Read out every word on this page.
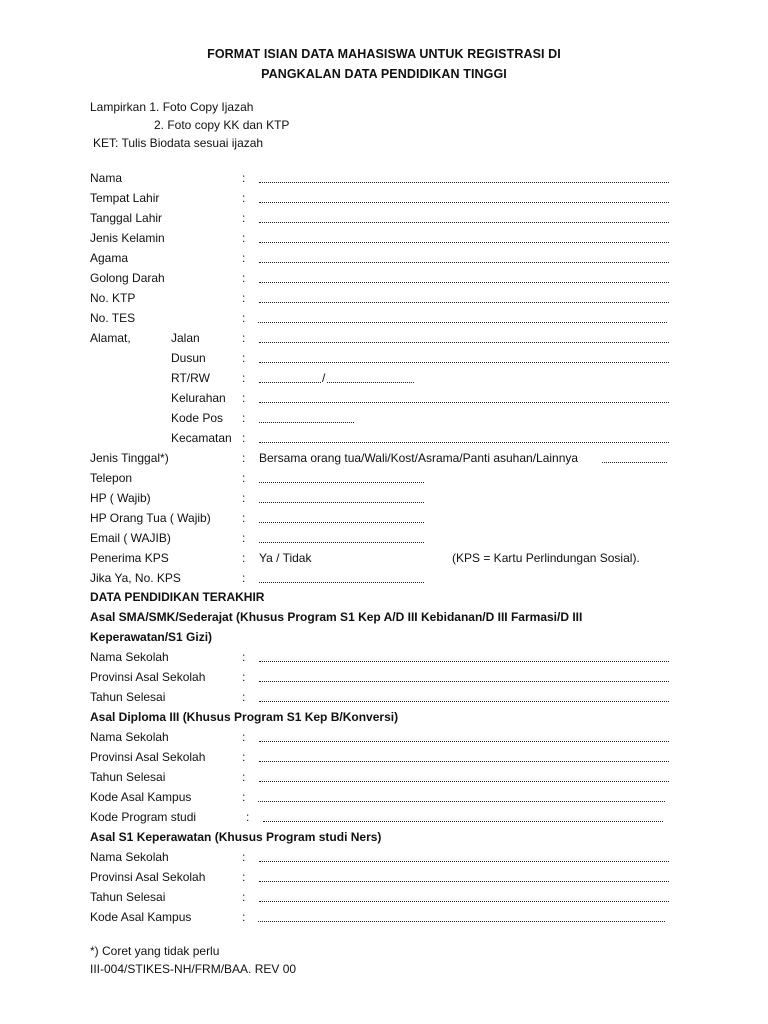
FORMAT ISIAN DATA MAHASISWA UNTUK REGISTRASI DI
PANGKALAN DATA PENDIDIKAN TINGGI
Lampirkan 1. Foto Copy Ijazah
2. Foto copy KK dan KTP
KET: Tulis Biodata sesuai ijazah
Nama	:
Tempat Lahir	:
Tanggal Lahir	:
Jenis Kelamin	:
Agama	:
Golong Darah	:
No. KTP	:
No. TES	:
Alamat,	Jalan	:
Dusun	:
RT/RW	:	/
Kelurahan :
Kode Pos :
Kecamatan :
Jenis Tinggal*)	: Bersama orang tua/Wali/Kost/Asrama/Panti asuhan/Lainnya
Telepon	:
HP ( Wajib)	:
HP Orang Tua ( Wajib)	:
Email ( WAJIB)	:
Penerima KPS	: Ya / Tidak	(KPS = Kartu Perlindungan Sosial).
Jika Ya, No. KPS	:
DATA PENDIDIKAN TERAKHIR
Asal SMA/SMK/Sederajat (Khusus Program S1 Kep A/D III Kebidanan/D III Farmasi/D III
Keperawatan/S1 Gizi)
Nama Sekolah	:
Provinsi Asal Sekolah	:
Tahun Selesai	:
Asal Diploma III (Khusus Program S1 Kep B/Konversi)
Nama Sekolah	:
Provinsi Asal Sekolah	:
Tahun Selesai	:
Kode Asal Kampus	:
Kode Program studi	:
Asal S1 Keperawatan (Khusus Program studi Ners)
Nama Sekolah	:
Provinsi Asal Sekolah	:
Tahun Selesai	:
Kode Asal Kampus	:
*) Coret yang tidak perlu
III-004/STIKES-NH/FRM/BAA. REV 00
